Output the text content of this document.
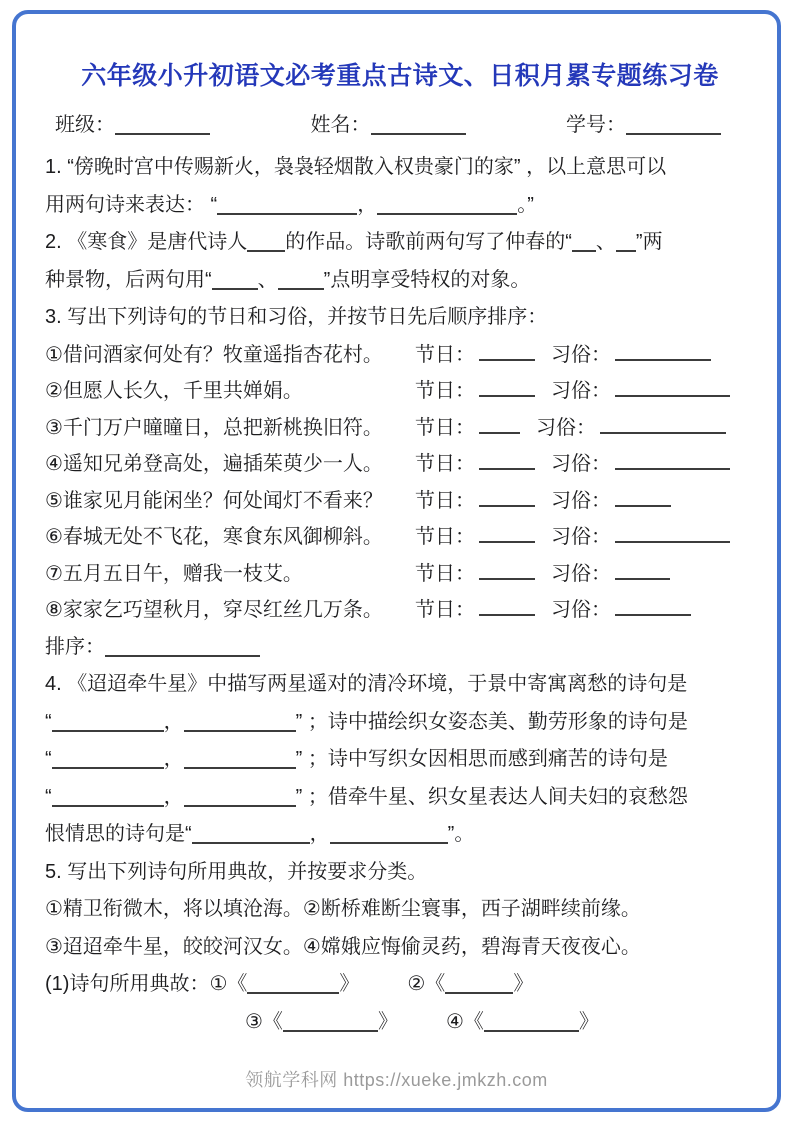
六年级小升初语文必考重点古诗文、日积月累专题练习卷
班级：	姓名：	学号：
1. “傍晚时宫中传赐新火，袅袅轻烟散入权贵豪门的家” ，以上意思可以
用两句诗来表达： “	，	。”
2. 《寒食》是唐代诗人 的作品。诗歌前两句写了仲春的“ 、 ”两
种景物，后两句用“ 、 ”点明享受特权的对象。
3. 写出下列诗句的节日和习俗，并按节日先后顺序排序：
①借问酒家何处有？牧童遥指杏花村。	节日：	习俗：
②但愿人长久，千里共婵娟。	节日：	习俗：
③千门万户曈曈日，总把新桃换旧符。	节日：	习俗：
④遥知兄弟登高处，遍插茱萸少一人。	节日：	习俗：
⑤谁家见月能闲坐？何处闻灯不看来？	节日：	习俗：
⑥春城无处不飞花，寒食东风御柳斜。	节日：	习俗：
⑦五月五日午，赠我一枝艾。	节日：	习俗：
⑧家家乞巧望秋月，穿尽红丝几万条。	节日：	习俗：
排序：
4. 《迢迢牵牛星》中描写两星遥对的清冷环境，于景中寄寓离愁的诗句是
“	，	” ；诗中描绘织女姿态美、勤劳形象的诗句是
“	，	” ；诗中写织女因相思而感到痛苦的诗句是
“	，	” ；借牵牛星、织女星表达人间夫妇的哀愁怨
恨情思的诗句是“	，	”。
5. 写出下列诗句所用典故，并按要求分类。
①精卫衔微木，将以填沧海。②断桥难断尘寰事，西子湖畔续前缘。
③迢迢牵牛星，皎皎河汉女。④嫦娥应悔偷灵药，碧海青天夜夜心。
(1)诗句所用典故：①《	》 ②《	》
③《	》 ④《	》
领航学科网 https://xueke.jmkzh.com
